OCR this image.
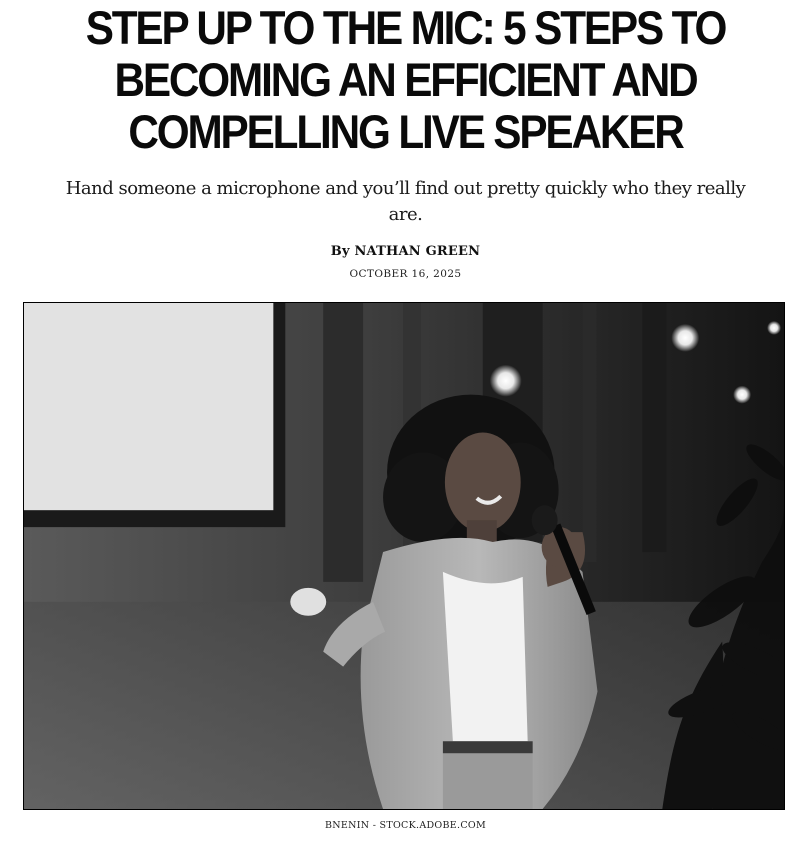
STEP UP TO THE MIC: 5 STEPS TO BECOMING AN EFFICIENT AND COMPELLING LIVE SPEAKER

Hand someone a microphone and you’ll find out pretty quickly who they really are.

By NATHAN GREEN
OCTOBER 16, 2025
BNENIN - STOCK.ADOBE.COM
